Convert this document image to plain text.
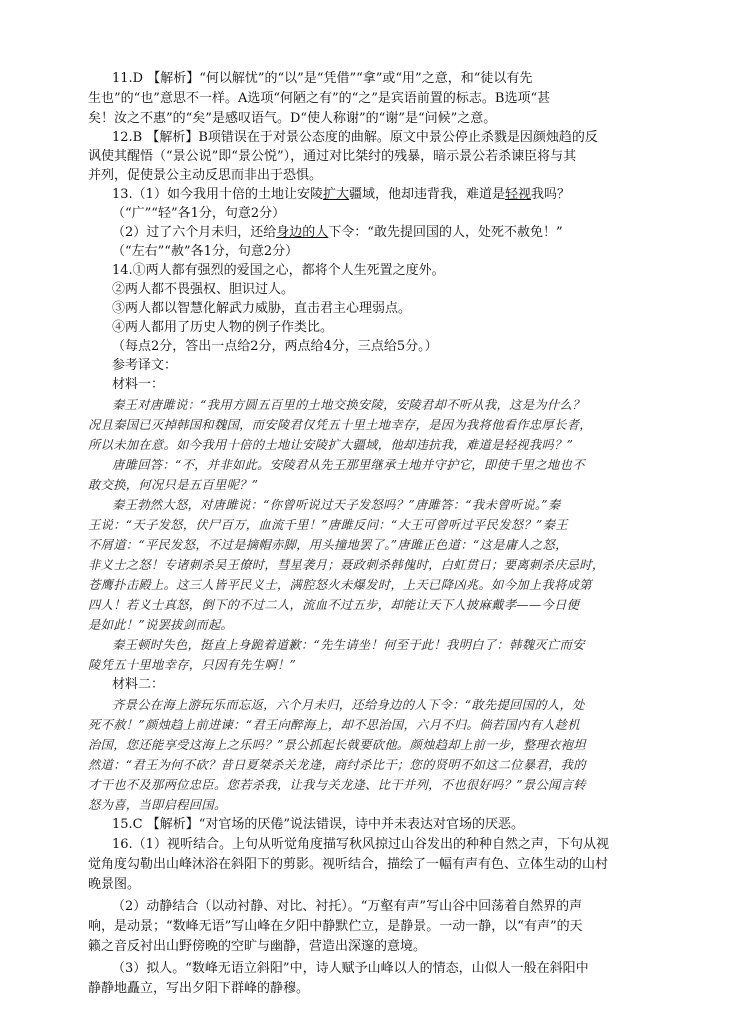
11.D 【解析】“何以解忧”的“以”是“凭借”“拿”或“用”之意，和“徒以有先
生也”的“也”意思不一样。A选项“何陋之有”的“之”是宾语前置的标志。B选项“甚
矣！汝之不惠”的“矣”是感叹语气。D“使人称谢”的“谢”是“问候”之意。
12.B 【解析】B项错误在于对景公态度的曲解。原文中景公停止杀戮是因颜烛趋的反
讽使其醒悟（“景公说”即“景公悦”），通过对比桀纣的残暴，暗示景公若杀谏臣将与其
并列，促使景公主动反思而非出于恐惧。
13.（1）如今我用十倍的土地让安陵扩大疆域，他却违背我，难道是轻视我吗？
（“广”“轻”各1分，句意2分）
（2）过了六个月未归，还给身边的人下令：“敢先提回国的人，处死不赦免！”
（“左右”“赦”各1分，句意2分）
14.①两人都有强烈的爱国之心，都将个人生死置之度外。
②两人都不畏强权、胆识过人。
③两人都以智慧化解武力威胁，直击君主心理弱点。
④两人都用了历史人物的例子作类比。
（每点2分，答出一点给2分，两点给4分，三点给5分。）
参考译文：
材料一：
秦王对唐雎说：“我用方圆五百里的土地交换安陵，安陵君却不听从我，这是为什么？
况且秦国已灭掉韩国和魏国，而安陵君仅凭五十里土地幸存，是因为我将他看作忠厚长者，
所以未加在意。如今我用十倍的土地让安陵扩大疆域，他却违抗我，难道是轻视我吗？”
唐雎回答：“不，并非如此。安陵君从先王那里继承土地并守护它，即使千里之地也不
敢交换，何况只是五百里呢？”
秦王勃然大怒，对唐雎说：“你曾听说过天子发怒吗？”唐雎答：“我未曾听说。”秦
王说：“天子发怒，伏尸百万，血流千里！”唐雎反问：“大王可曾听过平民发怒？”秦王
不屑道：“平民发怒，不过是摘帽赤脚，用头撞地罢了。”唐雎正色道：“这是庸人之怒，
非义士之怒！专诸刺杀吴王僚时，彗星袭月；聂政刺杀韩傀时，白虹贯日；要离刺杀庆忌时，
苍鹰扑击殿上。这三人皆平民义士，满腔怒火未爆发时，上天已降凶兆。如今加上我将成第
四人！若义士真怒，倒下的不过二人，流血不过五步，却能让天下人披麻戴孝——今日便
是如此！”说罢拔剑而起。
秦王顿时失色，挺直上身跪着道歉：“先生请坐！何至于此！我明白了：韩魏灭亡而安
陵凭五十里地幸存，只因有先生啊！”
材料二：
齐景公在海上游玩乐而忘返，六个月未归，还给身边的人下令：“敢先提回国的人，处
死不赦！”颜烛趋上前进谏：“君王向醉海上，却不思治国，六月不归。倘若国内有人趁机
治国，您还能享受这海上之乐吗？”景公抓起长戟要砍他。颜烛趋却上前一步，整理衣袍坦
然道：“君王为何不砍？昔日夏桀杀关龙逄，商纣杀比干；您的贤明不如这二位暴君，我的
才干也不及那两位忠臣。您若杀我，让我与关龙逄、比干并列，不也很好吗？”景公闻言转
怒为喜，当即启程回国。
15.C 【解析】“对官场的厌倦”说法错误，诗中并未表达对官场的厌恶。
16.（1）视听结合。上句从听觉角度描写秋风掠过山谷发出的种种自然之声，下句从视
觉角度勾勒出山峰沐浴在斜阳下的剪影。视听结合，描绘了一幅有声有色、立体生动的山村
晚景图。
（2）动静结合（以动衬静、对比、衬托）。“万壑有声”写山谷中回荡着自然界的声
响，是动景；“数峰无语”写山峰在夕阳中静默伫立，是静景。一动一静，以“有声”的天
籁之音反衬出山野傍晚的空旷与幽静，营造出深邃的意境。
（3）拟人。“数峰无语立斜阳”中，诗人赋予山峰以人的情态，山似人一般在斜阳中
静静地矗立，写出夕阳下群峰的静穆。
